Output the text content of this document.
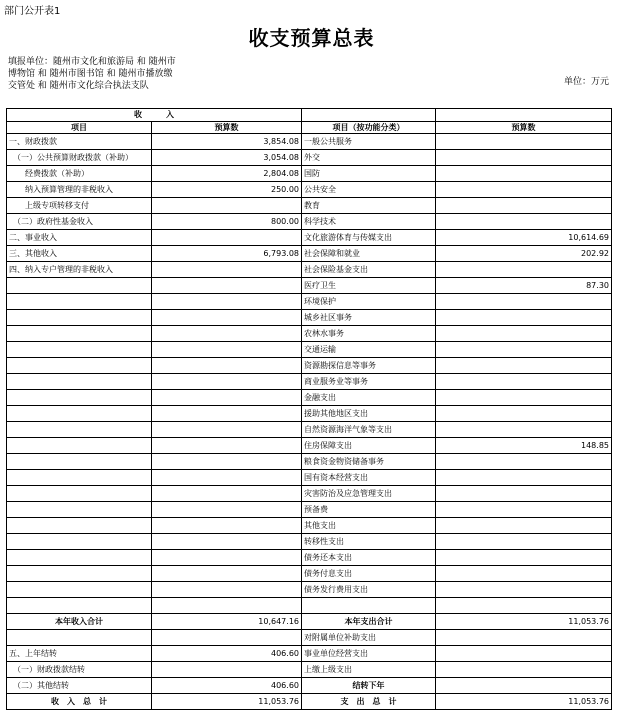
部门公开表1
收支预算总表
填报单位：随州市文化和旅游局 和 随州市博物馆 和 随州市图书馆 和 随州市播放缴交管处 和 随州市文化综合执法支队	单位：万元
收　　　入			
项目	预算数	项目（按功能分类）	预算数
一、财政拨款	3,854.08	一般公共服务	
（一）公共预算财政拨款（补助）	3,054.08	外交	
经费拨款（补助）	2,804.08	国防	
纳入预算管理的非税收入	250.00	公共安全	
上级专项转移支付		教育	
（二）政府性基金收入	800.00	科学技术	
二、事业收入		文化旅游体育与传媒支出	10,614.69
三、其他收入	6,793.08	社会保障和就业	202.92
四、纳入专户管理的非税收入		社会保险基金支出	
		医疗卫生	87.30
		环境保护	
		城乡社区事务	
		农林水事务	
		交通运输	
		资源勘探信息等事务	
		商业服务业等事务	
		金融支出	
		援助其他地区支出	
		自然资源海洋气象等支出	
		住房保障支出	148.85
		粮食资金物资储备事务	
		国有资本经营支出	
		灾害防治及应急管理支出	
		预备费	
		其他支出	
		转移性支出	
		债务还本支出	
		债务付息支出	
		债务发行费用支出	

本年收入合计	10,647.16	本年支出合计	11,053.76
		对附属单位补助支出	
五、上年结转	406.60	事业单位经营支出	
（一）财政拨款结转		上缴上级支出	
（二）其他结转	406.60	结转下年	
收　入　总　计	11,053.76	支　出　总　计	11,053.76
